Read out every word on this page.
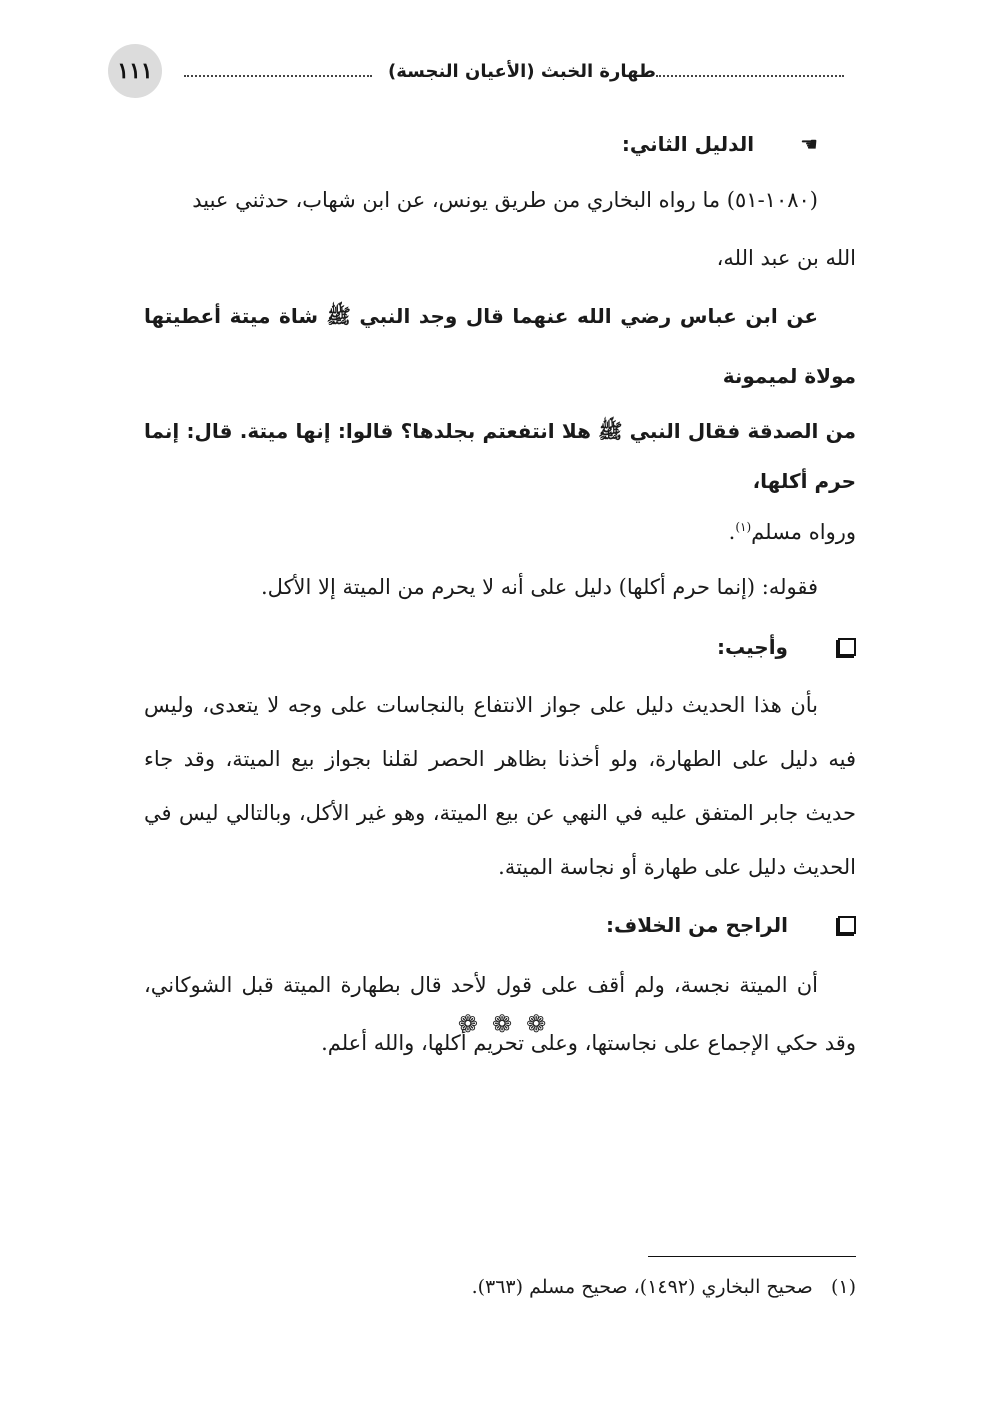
١١١	طهارة الخبث (الأعيان النجسة)

☚
الدليل الثاني:

(١٠٨٠-٥١) ما رواه البخاري من طريق يونس، عن ابن شهاب، حدثني عبيد

الله بن عبد الله،

عن ابن عباس رضي الله عنهما قال وجد النبي ﷺ شاة ميتة أعطيتها مولاة لميمونة

من الصدقة فقال النبي ﷺ هلا انتفعتم بجلدها؟ قالوا: إنها ميتة. قال: إنما حرم أكلها،

ورواه مسلم$^{(١)}$.

فقوله: (إنما حرم أكلها) دليل على أنه لا يحرم من الميتة إلا الأكل.

وأجيب:

بأن هذا الحديث دليل على جواز الانتفاع بالنجاسات على وجه لا يتعدى، وليس فيه دليل على الطهارة، ولو أخذنا بظاهر الحصر لقلنا بجواز بيع الميتة، وقد جاء حديث جابر المتفق عليه في النهي عن بيع الميتة، وهو غير الأكل، وبالتالي ليس في الحديث دليل على طهارة أو نجاسة الميتة.

الراجح من الخلاف:

أن الميتة نجسة، ولم أقف على قول لأحد قال بطهارة الميتة قبل الشوكاني، وقد حكي الإجماع على نجاستها، وعلى تحريم أكلها، والله أعلم.

❁
❁
❁
(١)   صحيح البخاري (١٤٩٢)، صحيح مسلم (٣٦٣).
